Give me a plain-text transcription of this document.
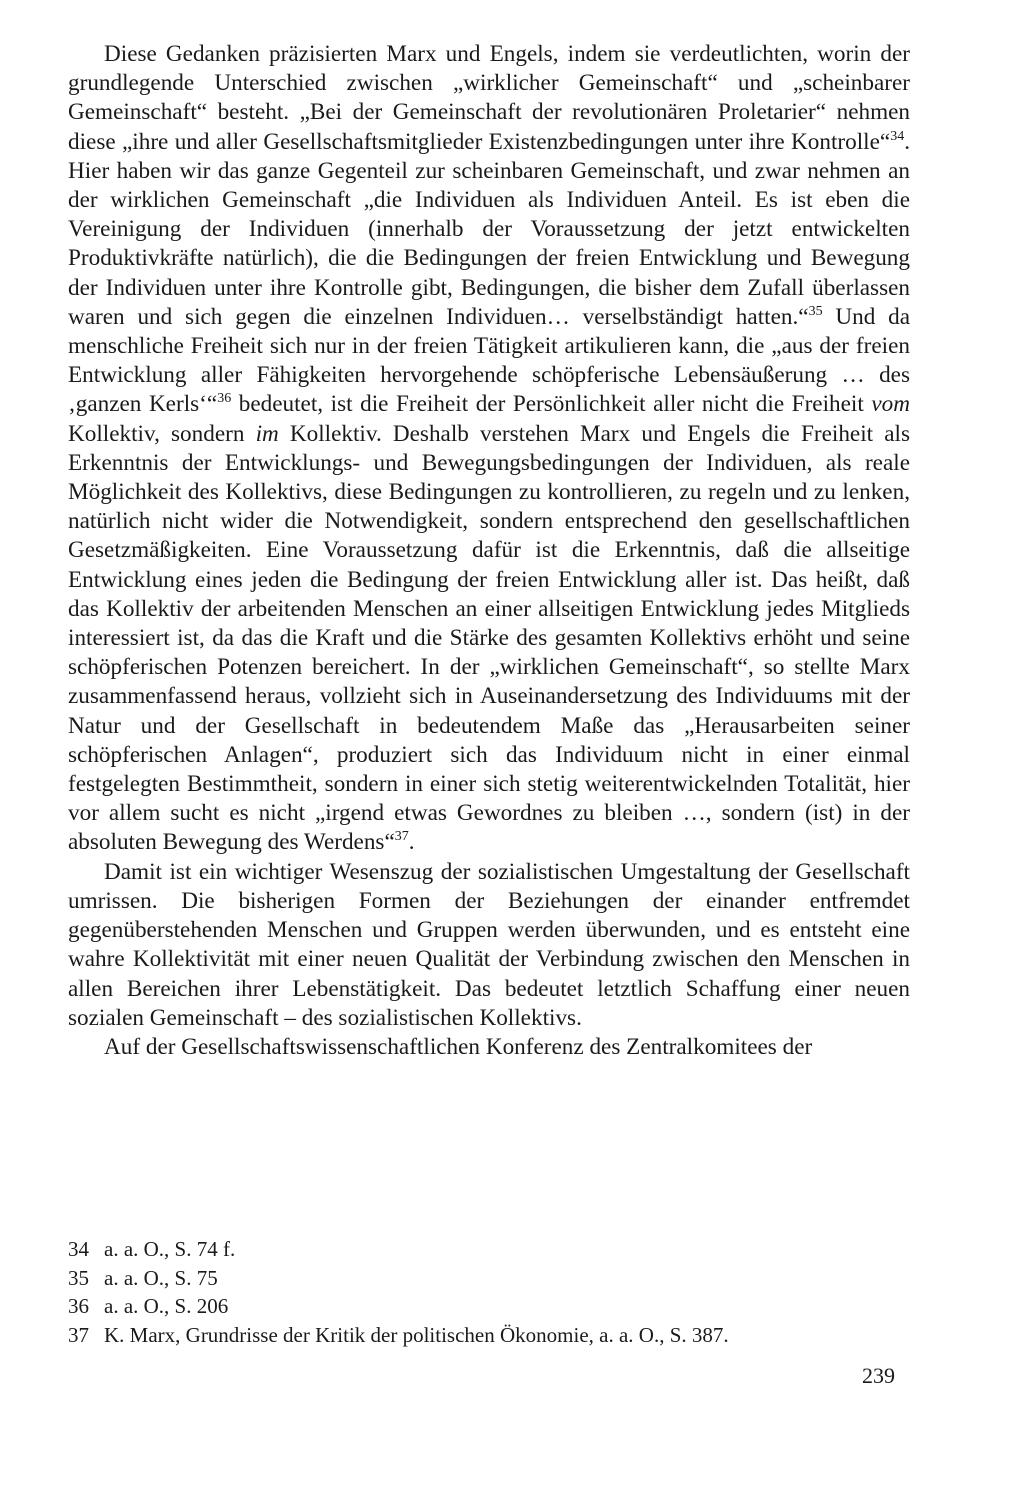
Diese Gedanken präzisierten Marx und Engels, indem sie verdeutlichten, worin der grundlegende Unterschied zwischen „wirklicher Gemeinschaft“ und „scheinbarer Gemeinschaft“ besteht. „Bei der Gemeinschaft der revolutionären Proletarier“ nehmen diese „ihre und aller Gesellschaftsmitglieder Existenzbedingungen unter ihre Kontrolle“$^{34}$. Hier haben wir das ganze Gegenteil zur scheinbaren Gemeinschaft, und zwar nehmen an der wirklichen Gemeinschaft „die Individuen als Individuen Anteil. Es ist eben die Vereinigung der Individuen (innerhalb der Voraussetzung der jetzt entwickelten Produktivkräfte natürlich), die die Bedingungen der freien Entwicklung und Bewegung der Individuen unter ihre Kontrolle gibt, Bedingungen, die bisher dem Zufall überlassen waren und sich gegen die einzelnen Individuen… verselbständigt hatten.“$^{35}$ Und da menschliche Freiheit sich nur in der freien Tätigkeit artikulieren kann, die „aus der freien Entwicklung aller Fähigkeiten hervorgehende schöpferische Lebensäußerung … des ‚ganzen Kerls‘“$^{36}$ bedeutet, ist die Freiheit der Persönlichkeit aller nicht die Freiheit vom Kollektiv, sondern im Kollektiv. Deshalb verstehen Marx und Engels die Freiheit als Erkenntnis der Entwicklungs- und Bewegungsbedingungen der Individuen, als reale Möglichkeit des Kollektivs, diese Bedingungen zu kontrollieren, zu regeln und zu lenken, natürlich nicht wider die Notwendigkeit, sondern entsprechend den gesellschaftlichen Gesetzmäßigkeiten. Eine Voraussetzung dafür ist die Erkenntnis, daß die allseitige Entwicklung eines jeden die Bedingung der freien Entwicklung aller ist. Das heißt, daß das Kollektiv der arbeitenden Menschen an einer allseitigen Entwicklung jedes Mitglieds interessiert ist, da das die Kraft und die Stärke des gesamten Kollektivs erhöht und seine schöpferischen Potenzen bereichert. In der „wirklichen Gemeinschaft“, so stellte Marx zusammenfassend heraus, vollzieht sich in Auseinandersetzung des Individuums mit der Natur und der Gesellschaft in bedeutendem Maße das „Herausarbeiten seiner schöpferischen Anlagen“, produziert sich das Individuum nicht in einer einmal festgelegten Bestimmtheit, sondern in einer sich stetig weiterentwickelnden Totalität, hier vor allem sucht es nicht „irgend etwas Gewordnes zu bleiben …, sondern (ist) in der absoluten Bewegung des Werdens“$^{37}$.

Damit ist ein wichtiger Wesenszug der sozialistischen Umgestaltung der Gesellschaft umrissen. Die bisherigen Formen der Beziehungen der einander entfremdet gegenüberstehenden Menschen und Gruppen werden überwunden, und es entsteht eine wahre Kollektivität mit einer neuen Qualität der Verbindung zwischen den Menschen in allen Bereichen ihrer Lebenstätigkeit. Das bedeutet letztlich Schaffung einer neuen sozialen Gemeinschaft – des sozialistischen Kollektivs.

Auf der Gesellschaftswissenschaftlichen Konferenz des Zentralkomitees der

34 a. a. O., S. 74 f.
35 a. a. O., S. 75
36 a. a. O., S. 206
37 K. Marx, Grundrisse der Kritik der politischen Ökonomie, a. a. O., S. 387.
239
